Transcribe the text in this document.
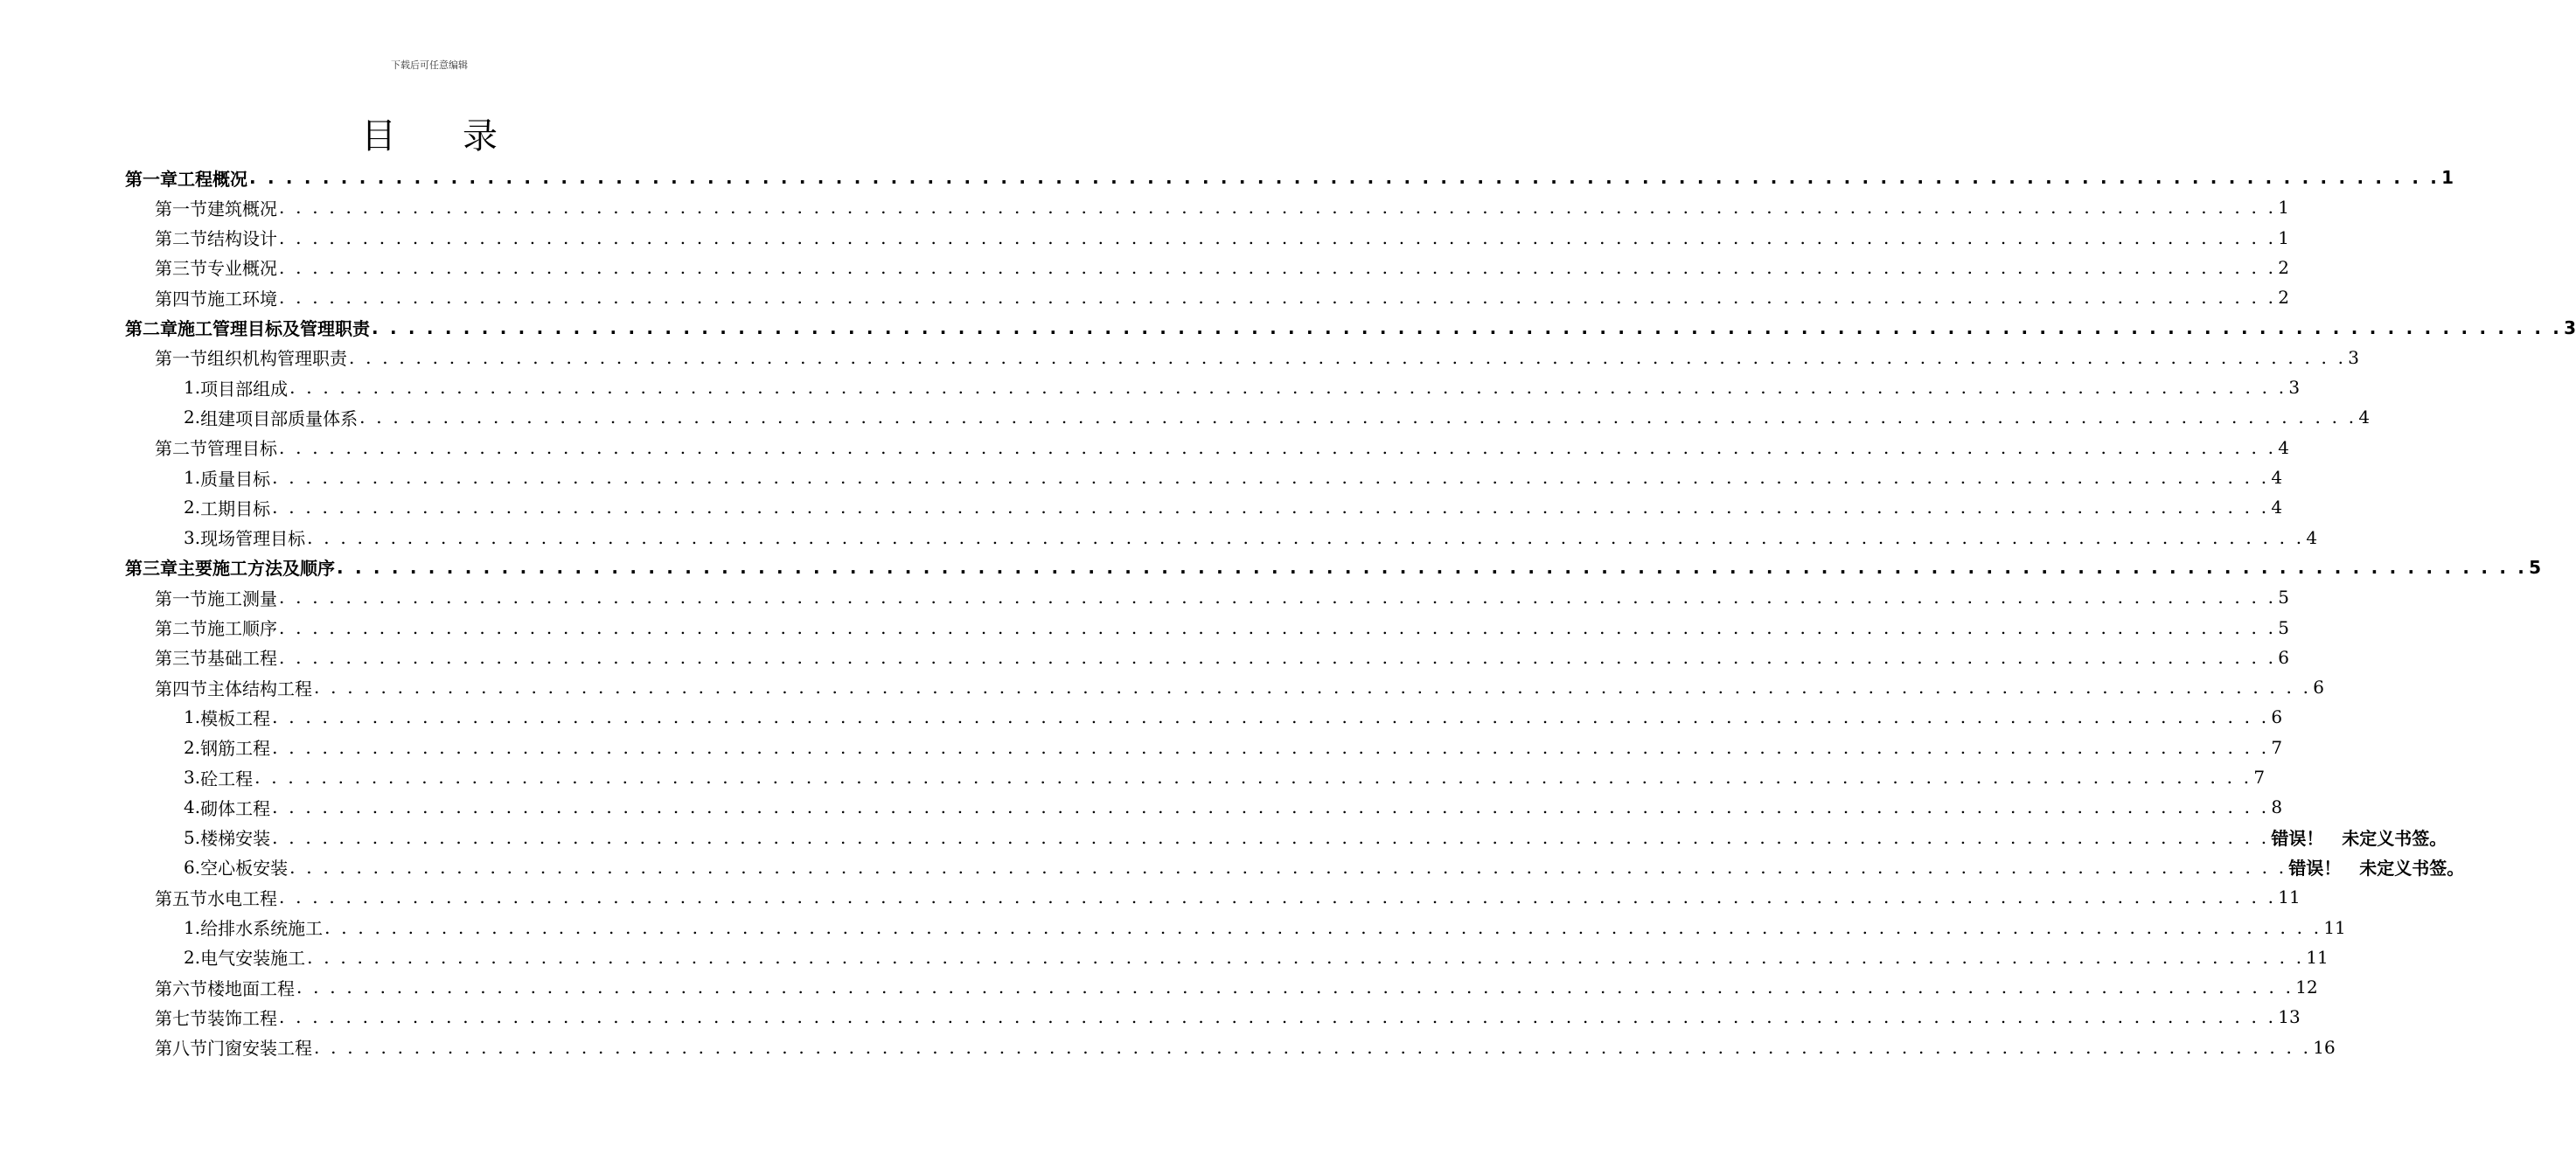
下载后可任意编辑
目 录
第一章 工程概况 . . . . . . . . . . . . . . . . . . . . . . . . . . . . . . . . . . . . . . . . . . . . . . . . . . . . . . . . . . . . . . . . . . . . . . . . . . . . . . . . . . . . . . . . . . . . . . . . . . . . . . . . . . . . . . . . . . . . . . . . 1
第一节 建筑概况 . . . . . . . . . . . . . . . . . . . . . . . . . . . . . . . . . . . . . . . . . . . . . . . . . . . . . . . . . . . . . . . . . . . . . . . . . . . . . . . . . . . . . . . . . . . . . . . . . . . . . . . . . . . . . . . . . . . . . . . . 1
第二节 结构设计 . . . . . . . . . . . . . . . . . . . . . . . . . . . . . . . . . . . . . . . . . . . . . . . . . . . . . . . . . . . . . . . . . . . . . . . . . . . . . . . . . . . . . . . . . . . . . . . . . . . . . . . . . . . . . . . . . . . . . . . . 1
第三节 专业概况 . . . . . . . . . . . . . . . . . . . . . . . . . . . . . . . . . . . . . . . . . . . . . . . . . . . . . . . . . . . . . . . . . . . . . . . . . . . . . . . . . . . . . . . . . . . . . . . . . . . . . . . . . . . . . . . . . . . . . . . . 2
第四节 施工环境 . . . . . . . . . . . . . . . . . . . . . . . . . . . . . . . . . . . . . . . . . . . . . . . . . . . . . . . . . . . . . . . . . . . . . . . . . . . . . . . . . . . . . . . . . . . . . . . . . . . . . . . . . . . . . . . . . . . . . . . . 2
第二章 施工管理目标及管理职责 . . . . . . . . . . . . . . . . . . . . . . . . . . . . . . . . . . . . . . . . . . . . . . . . . . . . . . . . . . . . . . . . . . . . . . . . . . . . . . . . . . . . . . . . . . . . . . . . . . . . . . . . . . . . . . . . . . . . . . . . 3
第一节 组织机构管理职责 . . . . . . . . . . . . . . . . . . . . . . . . . . . . . . . . . . . . . . . . . . . . . . . . . . . . . . . . . . . . . . . . . . . . . . . . . . . . . . . . . . . . . . . . . . . . . . . . . . . . . . . . . . . . . . . . . . . . . . . . 3
1. 项目部组成 . . . . . . . . . . . . . . . . . . . . . . . . . . . . . . . . . . . . . . . . . . . . . . . . . . . . . . . . . . . . . . . . . . . . . . . . . . . . . . . . . . . . . . . . . . . . . . . . . . . . . . . . . . . . . . . . . . . . . . . . 3
2. 组建项目部质量体系 . . . . . . . . . . . . . . . . . . . . . . . . . . . . . . . . . . . . . . . . . . . . . . . . . . . . . . . . . . . . . . . . . . . . . . . . . . . . . . . . . . . . . . . . . . . . . . . . . . . . . . . . . . . . . . . . . . . . . . . . 4
第二节 管理目标 . . . . . . . . . . . . . . . . . . . . . . . . . . . . . . . . . . . . . . . . . . . . . . . . . . . . . . . . . . . . . . . . . . . . . . . . . . . . . . . . . . . . . . . . . . . . . . . . . . . . . . . . . . . . . . . . . . . . . . . . 4
1. 质量目标 . . . . . . . . . . . . . . . . . . . . . . . . . . . . . . . . . . . . . . . . . . . . . . . . . . . . . . . . . . . . . . . . . . . . . . . . . . . . . . . . . . . . . . . . . . . . . . . . . . . . . . . . . . . . . . . . . . . . . . . . 4
2. 工期目标 . . . . . . . . . . . . . . . . . . . . . . . . . . . . . . . . . . . . . . . . . . . . . . . . . . . . . . . . . . . . . . . . . . . . . . . . . . . . . . . . . . . . . . . . . . . . . . . . . . . . . . . . . . . . . . . . . . . . . . . . 4
3. 现场管理目标 . . . . . . . . . . . . . . . . . . . . . . . . . . . . . . . . . . . . . . . . . . . . . . . . . . . . . . . . . . . . . . . . . . . . . . . . . . . . . . . . . . . . . . . . . . . . . . . . . . . . . . . . . . . . . . . . . . . . . . . . 4
第三章 主要施工方法及顺序 . . . . . . . . . . . . . . . . . . . . . . . . . . . . . . . . . . . . . . . . . . . . . . . . . . . . . . . . . . . . . . . . . . . . . . . . . . . . . . . . . . . . . . . . . . . . . . . . . . . . . . . . . . . . . . . . . . . . . . . . 5
第一节 施工测量 . . . . . . . . . . . . . . . . . . . . . . . . . . . . . . . . . . . . . . . . . . . . . . . . . . . . . . . . . . . . . . . . . . . . . . . . . . . . . . . . . . . . . . . . . . . . . . . . . . . . . . . . . . . . . . . . . . . . . . . . 5
第二节 施工顺序 . . . . . . . . . . . . . . . . . . . . . . . . . . . . . . . . . . . . . . . . . . . . . . . . . . . . . . . . . . . . . . . . . . . . . . . . . . . . . . . . . . . . . . . . . . . . . . . . . . . . . . . . . . . . . . . . . . . . . . . . 5
第三节 基础工程 . . . . . . . . . . . . . . . . . . . . . . . . . . . . . . . . . . . . . . . . . . . . . . . . . . . . . . . . . . . . . . . . . . . . . . . . . . . . . . . . . . . . . . . . . . . . . . . . . . . . . . . . . . . . . . . . . . . . . . . . 6
第四节 主体结构工程 . . . . . . . . . . . . . . . . . . . . . . . . . . . . . . . . . . . . . . . . . . . . . . . . . . . . . . . . . . . . . . . . . . . . . . . . . . . . . . . . . . . . . . . . . . . . . . . . . . . . . . . . . . . . . . . . . . . . . . . . 6
1. 模板工程 . . . . . . . . . . . . . . . . . . . . . . . . . . . . . . . . . . . . . . . . . . . . . . . . . . . . . . . . . . . . . . . . . . . . . . . . . . . . . . . . . . . . . . . . . . . . . . . . . . . . . . . . . . . . . . . . . . . . . . . . 6
2. 钢筋工程 . . . . . . . . . . . . . . . . . . . . . . . . . . . . . . . . . . . . . . . . . . . . . . . . . . . . . . . . . . . . . . . . . . . . . . . . . . . . . . . . . . . . . . . . . . . . . . . . . . . . . . . . . . . . . . . . . . . . . . . . 7
3. 砼工程 . . . . . . . . . . . . . . . . . . . . . . . . . . . . . . . . . . . . . . . . . . . . . . . . . . . . . . . . . . . . . . . . . . . . . . . . . . . . . . . . . . . . . . . . . . . . . . . . . . . . . . . . . . . . . . . . . . . . . . . . 7
4. 砌体工程 . . . . . . . . . . . . . . . . . . . . . . . . . . . . . . . . . . . . . . . . . . . . . . . . . . . . . . . . . . . . . . . . . . . . . . . . . . . . . . . . . . . . . . . . . . . . . . . . . . . . . . . . . . . . . . . . . . . . . . . . 8
5. 楼梯安装 . . . . . . . . . . . . . . . . . . . . . . . . . . . . . . . . . . . . . . . . . . . . . . . . . . . . . . . . . . . . . . . . . . . . . . . . . . . . . . . . . . . . . . . . . . . . . . . . . . . . . . . . . . . . . . . . . . . . . . . . 错误！ 未定义书签。
6. 空心板安装 . . . . . . . . . . . . . . . . . . . . . . . . . . . . . . . . . . . . . . . . . . . . . . . . . . . . . . . . . . . . . . . . . . . . . . . . . . . . . . . . . . . . . . . . . . . . . . . . . . . . . . . . . . . . . . . . . . . . . . . . 错误！ 未定义书签。
第五节 水电工程 . . . . . . . . . . . . . . . . . . . . . . . . . . . . . . . . . . . . . . . . . . . . . . . . . . . . . . . . . . . . . . . . . . . . . . . . . . . . . . . . . . . . . . . . . . . . . . . . . . . . . . . . . . . . . . . . . . . . . . . . 11
1. 给排水系统施工 . . . . . . . . . . . . . . . . . . . . . . . . . . . . . . . . . . . . . . . . . . . . . . . . . . . . . . . . . . . . . . . . . . . . . . . . . . . . . . . . . . . . . . . . . . . . . . . . . . . . . . . . . . . . . . . . . . . . . . . . 11
2. 电气安装施工 . . . . . . . . . . . . . . . . . . . . . . . . . . . . . . . . . . . . . . . . . . . . . . . . . . . . . . . . . . . . . . . . . . . . . . . . . . . . . . . . . . . . . . . . . . . . . . . . . . . . . . . . . . . . . . . . . . . . . . . . 11
第六节 楼地面工程 . . . . . . . . . . . . . . . . . . . . . . . . . . . . . . . . . . . . . . . . . . . . . . . . . . . . . . . . . . . . . . . . . . . . . . . . . . . . . . . . . . . . . . . . . . . . . . . . . . . . . . . . . . . . . . . . . . . . . . . . 12
第七节 装饰工程 . . . . . . . . . . . . . . . . . . . . . . . . . . . . . . . . . . . . . . . . . . . . . . . . . . . . . . . . . . . . . . . . . . . . . . . . . . . . . . . . . . . . . . . . . . . . . . . . . . . . . . . . . . . . . . . . . . . . . . . . 13
第八节 门窗安装工程 . . . . . . . . . . . . . . . . . . . . . . . . . . . . . . . . . . . . . . . . . . . . . . . . . . . . . . . . . . . . . . . . . . . . . . . . . . . . . . . . . . . . . . . . . . . . . . . . . . . . . . . . . . . . . . . . . . . . . . . . 16
